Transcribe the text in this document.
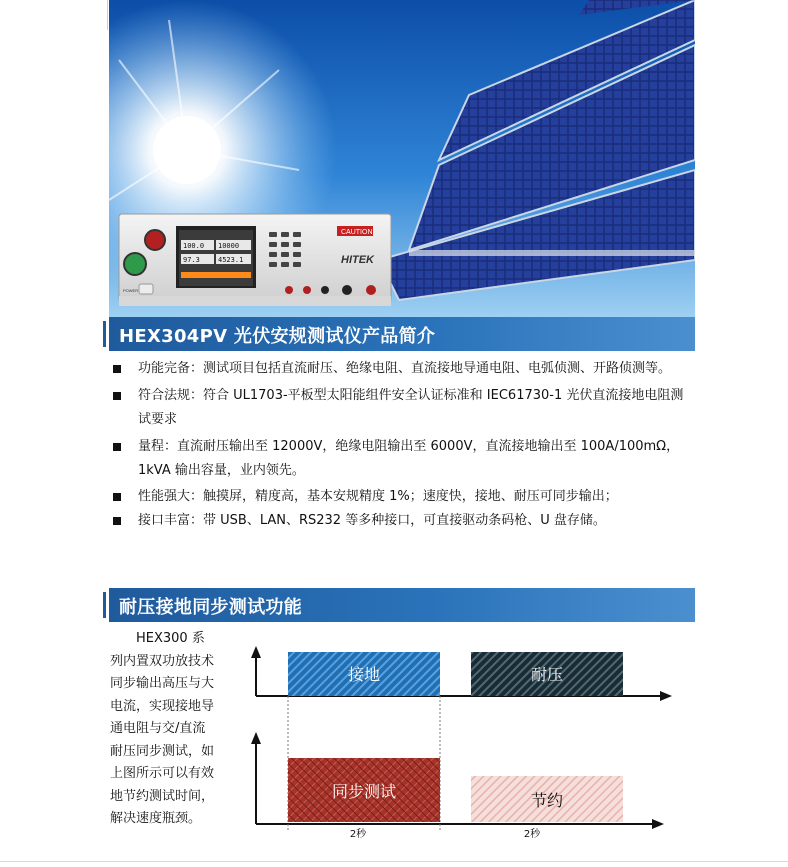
100.0 10000
97.3	4523.1
CAUTION
HITEK
POWER
HEX304PV 光伏安规测试仪产品简介
功能完备：测试项目包括直流耐压、绝缘电阻、直流接地导通电阻、电弧侦测、开路侦测等。
符合法规：符合 UL1703-平板型太阳能组件安全认证标准和 IEC61730-1 光伏直流接地电阻测试要求
量程：直流耐压输出至 12000V，绝缘电阻输出至 6000V，直流接地输出至 100A/100mΩ，1kVA 输出容量，业内领先。
性能强大：触摸屏，精度高，基本安规精度 1%；速度快，接地、耐压可同步输出；
接口丰富：带 USB、LAN、RS232 等多种接口，可直接驱动条码枪、U 盘存储。
耐压接地同步测试功能
HEX300 系列内置双功放技术同步输出高压与大电流，实现接地导通电阻与交/直流耐压同步测试，如上图所示可以有效地节约测试时间，解决速度瓶颈。
接地	耐压
同步测试	节约
2秒	2秒
